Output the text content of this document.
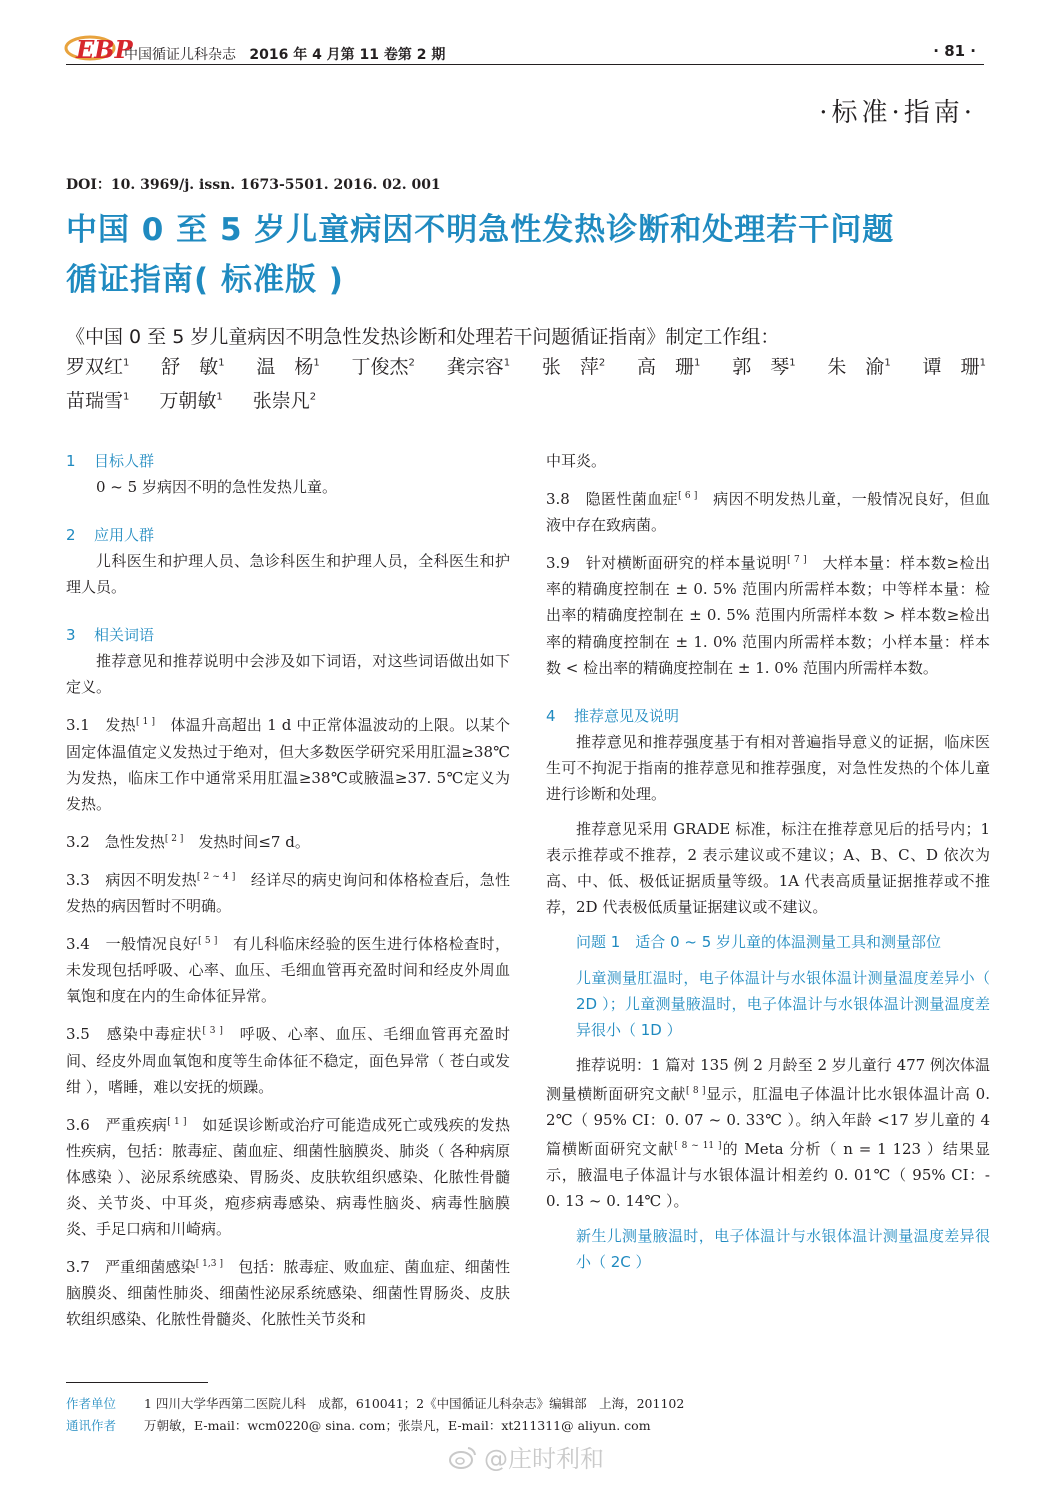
EBP
中国循证儿科杂志 2016 年 4 月第 11 卷第 2 期	· 81 ·
·标准·指南·
DOI：10. 3969/j. issn. 1673-5501. 2016. 02. 001
中国 0 至 5 岁儿童病因不明急性发热诊断和处理若干问题
循证指南( 标准版 )
《中国 0 至 5 岁儿童病因不明急性发热诊断和处理若干问题循证指南》制定工作组：
罗双红$^1$ 舒　敏$^1$ 温　杨$^1$ 丁俊杰$^2$ 龚宗容$^1$ 张　萍$^2$ 高　珊$^1$ 郭　琴$^1$ 朱　渝$^1$ 谭　珊$^1$
苗瑞雪$^1$ 万朝敏$^1$ 张崇凡$^2$
1 目标人群

0 ~ 5 岁病因不明的急性发热儿童。

2 应用人群

儿科医生和护理人员、急诊科医生和护理人员，全科医生和护理人员。

3 相关词语

推荐意见和推荐说明中会涉及如下词语，对这些词语做出如下定义。

3.1　发热[ 1 ]　体温升高超出 1 d 中正常体温波动的上限。以某个固定体温值定义发热过于绝对，但大多数医学研究采用肛温≥38℃为发热，临床工作中通常采用肛温≥38℃或腋温≥37. 5℃定义为发热。

3.2　急性发热[ 2 ]　发热时间≤7 d。

3.3　病因不明发热[ 2 ~ 4 ]　经详尽的病史询问和体格检查后，急性发热的病因暂时不明确。

3.4　一般情况良好[ 5 ]　有儿科临床经验的医生进行体格检查时，未发现包括呼吸、心率、血压、毛细血管再充盈时间和经皮外周血氧饱和度在内的生命体征异常。

3.5　感染中毒症状[ 3 ]　呼吸、心率、血压、毛细血管再充盈时间、经皮外周血氧饱和度等生命体征不稳定，面色异常（ 苍白或发绀 ），嗜睡，难以安抚的烦躁。

3.6　严重疾病[ 1 ]　如延误诊断或治疗可能造成死亡或残疾的发热性疾病，包括：脓毒症、菌血症、细菌性脑膜炎、肺炎（ 各种病原体感染 ）、泌尿系统感染、胃肠炎、皮肤软组织感染、化脓性骨髓炎、关节炎、中耳炎，疱疹病毒感染、病毒性脑炎、病毒性脑膜炎、手足口病和川崎病。

3.7　严重细菌感染[ 1,3 ]　包括：脓毒症、败血症、菌血症、细菌性脑膜炎、细菌性肺炎、细菌性泌尿系统感染、细菌性胃肠炎、皮肤软组织感染、化脓性骨髓炎、化脓性关节炎和

中耳炎。

3.8　隐匿性菌血症[ 6 ]　病因不明发热儿童，一般情况良好，但血液中存在致病菌。

3.9　针对横断面研究的样本量说明[ 7 ]　大样本量：样本数≥检出率的精确度控制在 ± 0. 5% 范围内所需样本数；中等样本量：检出率的精确度控制在 ± 0. 5% 范围内所需样本数 > 样本数≥检出率的精确度控制在 ± 1. 0% 范围内所需样本数；小样本量：样本数 < 检出率的精确度控制在 ± 1. 0% 范围内所需样本数。

4 推荐意见及说明

推荐意见和推荐强度基于有相对普遍指导意义的证据，临床医生可不拘泥于指南的推荐意见和推荐强度，对急性发热的个体儿童进行诊断和处理。

推荐意见采用 GRADE 标准，标注在推荐意见后的括号内；1 表示推荐或不推荐，2 表示建议或不建议；A、B、C、D 依次为高、中、低、极低证据质量等级。1A 代表高质量证据推荐或不推荐，2D 代表极低质量证据建议或不建议。

问题 1　适合 0 ~ 5 岁儿童的体温测量工具和测量部位

儿童测量肛温时，电子体温计与水银体温计测量温度差异小（ 2D ）；儿童测量腋温时，电子体温计与水银体温计测量温度差异很小（ 1D ）

推荐说明：1 篇对 135 例 2 月龄至 2 岁儿童行 477 例次体温测量横断面研究文献[ 8 ]显示，肛温电子体温计比水银体温计高 0. 2℃（ 95% CI：0. 07 ~ 0. 33℃ ）。纳入年龄 <17 岁儿童的 4 篇横断面研究文献[ 8 ~ 11 ]的 Meta 分析（ n = 1 123 ）结果显示，腋温电子体温计与水银体温计相差约 0. 01℃（ 95% CI：- 0. 13 ~ 0. 14℃ ）。

新生儿测量腋温时，电子体温计与水银体温计测量温度差异很小（ 2C ）

作者单位 1 四川大学华西第二医院儿科　成都，610041；2《中国循证儿科杂志》编辑部　上海，201102
通讯作者 万朝敏，E-mail：wcm0220@ sina. com；张崇凡，E-mail：xt211311@ aliyun. com
@庄时利和
